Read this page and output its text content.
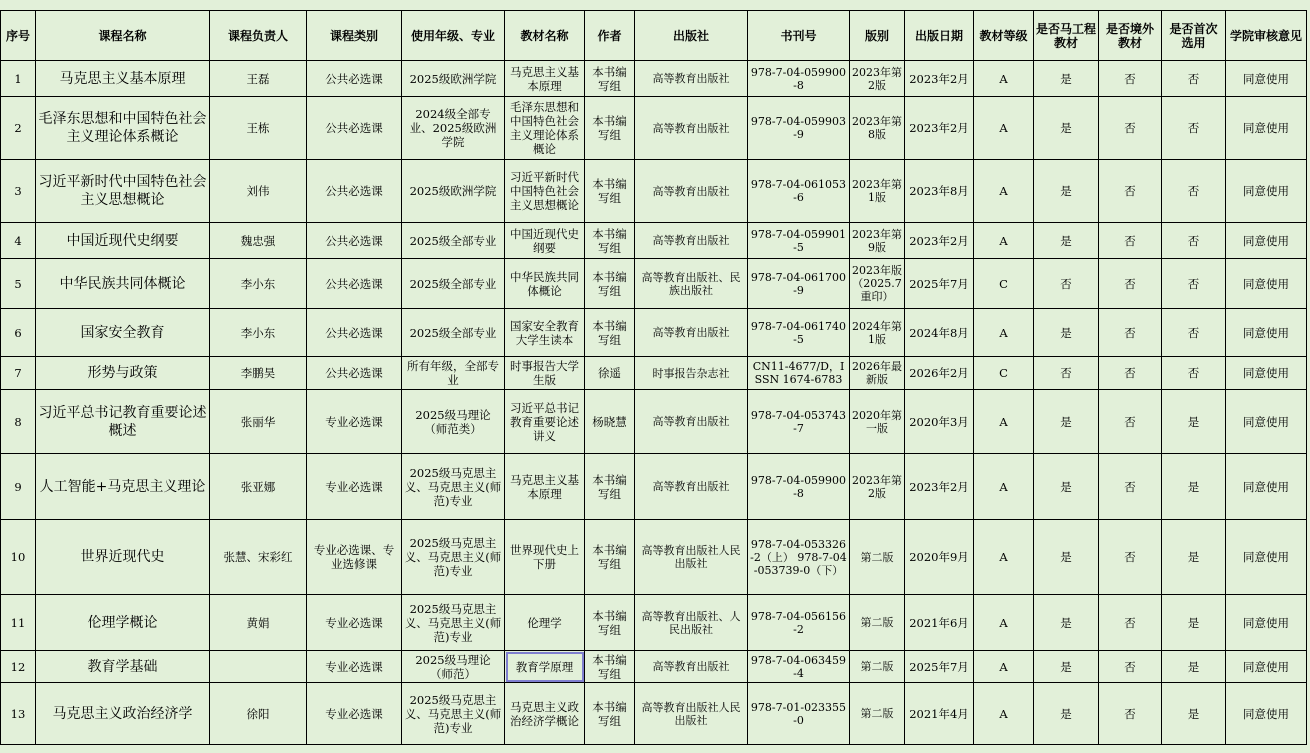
序号	课程名称	课程负责人	课程类别	使用年级、专业	教材名称	作者	出版社	书刊号	版别	出版日期	教材等级	是否马工程教材	是否境外教材	是否首次选用	学院审核意见
1	马克思主义基本原理	王磊	公共必选课	2025级欧洲学院	马克思主义基本原理	本书编写组	高等教育出版社	978-7-04-059900-8	2023年第2版	2023年2月	A	是	否	否	同意使用
2	毛泽东思想和中国特色社会主义理论体系概论	王栋	公共必选课	2024级全部专业、2025级欧洲学院	毛泽东思想和中国特色社会主义理论体系概论	本书编写组	高等教育出版社	978-7-04-059903-9	2023年第8版	2023年2月	A	是	否	否	同意使用
3	习近平新时代中国特色社会主义思想概论	刘伟	公共必选课	2025级欧洲学院	习近平新时代中国特色社会主义思想概论	本书编写组	高等教育出版社	978-7-04-061053-6	2023年第1版	2023年8月	A	是	否	否	同意使用
4	中国近现代史纲要	魏忠强	公共必选课	2025级全部专业	中国近现代史纲要	本书编写组	高等教育出版社	978-7-04-059901-5	2023年第9版	2023年2月	A	是	否	否	同意使用
5	中华民族共同体概论	李小东	公共必选课	2025级全部专业	中华民族共同体概论	本书编写组	高等教育出版社、民族出版社	978-7-04-061700-9	2023年版（2025.7重印）	2025年7月	C	否	否	否	同意使用
6	国家安全教育	李小东	公共必选课	2025级全部专业	国家安全教育大学生读本	本书编写组	高等教育出版社	978-7-04-061740-5	2024年第1版	2024年8月	A	是	否	否	同意使用
7	形势与政策	李鹏昊	公共必选课	所有年级，全部专业	时事报告大学生版	徐遥	时事报告杂志社	CN11-4677/D，ISSN 1674-6783	2026年最新版	2026年2月	C	否	否	否	同意使用
8	习近平总书记教育重要论述概述	张丽华	专业必选课	2025级马理论（师范类）	习近平总书记教育重要论述讲义	杨晓慧	高等教育出版社	978-7-04-053743-7	2020年第一版	2020年3月	A	是	否	是	同意使用
9	人工智能+马克思主义理论	张亚娜	专业必选课	2025级马克思主义、马克思主义(师范)专业	马克思主义基本原理	本书编写组	高等教育出版社	978-7-04-059900-8	2023年第2版	2023年2月	A	是	否	是	同意使用
10	世界近现代史	张慧、宋彩红	专业必选课、专业选修课	2025级马克思主义、马克思主义(师范)专业	世界现代史上下册	本书编写组	高等教育出版社人民出版社	978-7-04-053326-2（上） 978-7-04-053739-0（下）	第二版	2020年9月	A	是	否	是	同意使用
11	伦理学概论	黄娟	专业必选课	2025级马克思主义、马克思主义(师范)专业	伦理学	本书编写组	高等教育出版社、人民出版社	978-7-04-056156-2	第二版	2021年6月	A	是	否	是	同意使用
12	教育学基础		专业必选课	2025级马理论（师范）	教育学原理	本书编写组	高等教育出版社	978-7-04-063459-4	第二版	2025年7月	A	是	否	是	同意使用
13	马克思主义政治经济学	徐阳	专业必选课	2025级马克思主义、马克思主义(师范)专业	马克思主义政治经济学概论	本书编写组	高等教育出版社人民出版社	978-7-01-023355-0	第二版	2021年4月	A	是	否	是	同意使用
